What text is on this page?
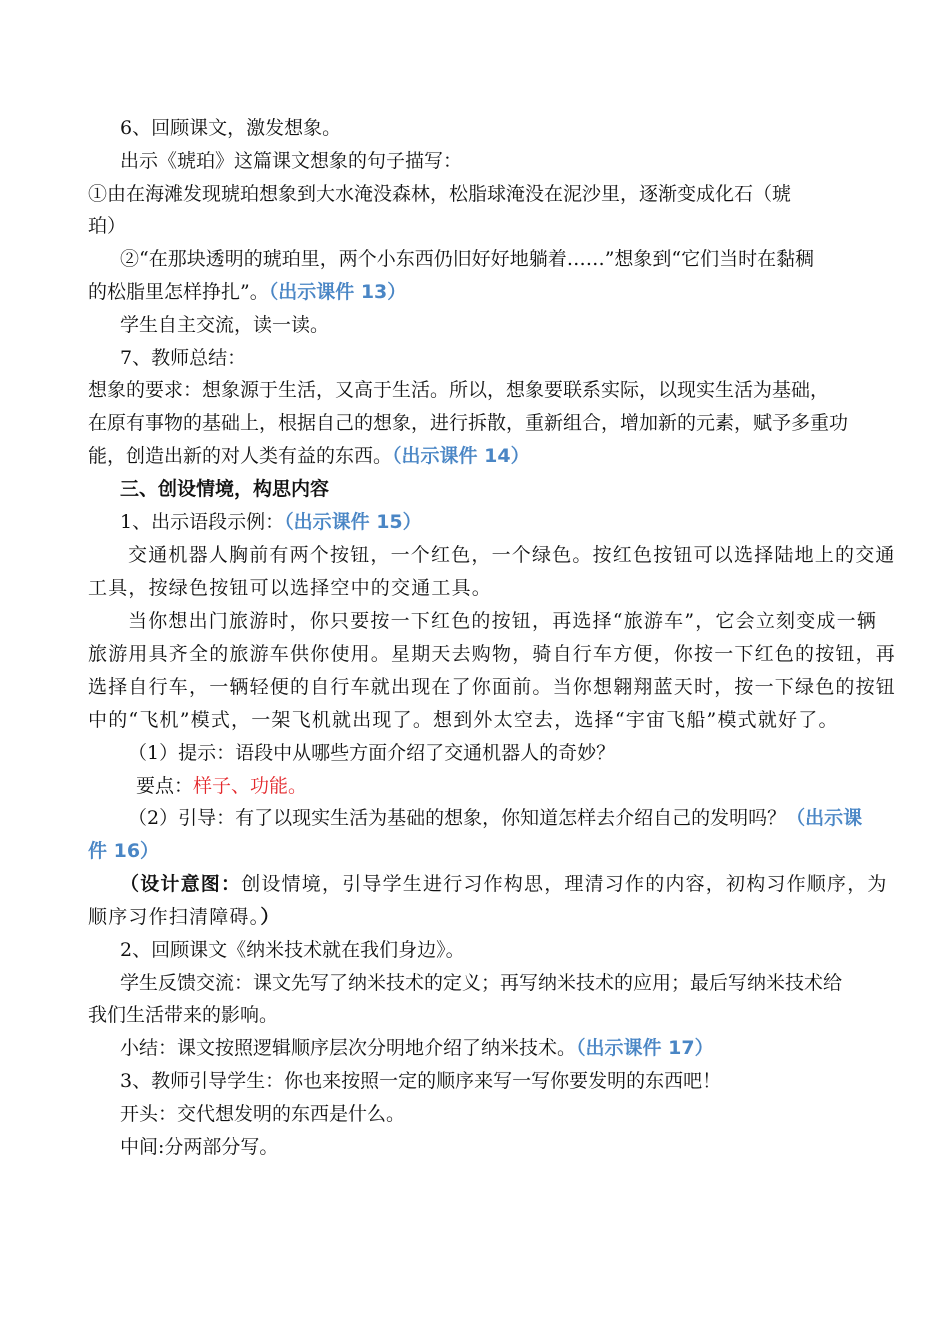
6、回顾课文，激发想象。
出示《琥珀》这篇课文想象的句子描写：
①由在海滩发现琥珀想象到大水淹没森林，松脂球淹没在泥沙里，逐渐变成化石（琥
珀）
②“在那块透明的琥珀里，两个小东西仍旧好好地躺着……”想象到“它们当时在黏稠
的松脂里怎样挣扎”。（出示课件 13）
学生自主交流，读一读。
7、教师总结：
想象的要求：想象源于生活，又高于生活。所以，想象要联系实际，以现实生活为基础，
在原有事物的基础上，根据自己的想象，进行拆散，重新组合，增加新的元素，赋予多重功
能，创造出新的对人类有益的东西。（出示课件 14）
三、创设情境，构思内容
1、出示语段示例：（出示课件 15）
交通机器人胸前有两个按钮，一个红色，一个绿色。按红色按钮可以选择陆地上的交通
工具，按绿色按钮可以选择空中的交通工具。
当你想出门旅游时，你只要按一下红色的按钮，再选择“旅游车”，它会立刻变成一辆
旅游用具齐全的旅游车供你使用。星期天去购物，骑自行车方便，你按一下红色的按钮，再
选择自行车，一辆轻便的自行车就出现在了你面前。当你想翱翔蓝天时，按一下绿色的按钮
中的“飞机”模式，一架飞机就出现了。想到外太空去，选择“宇宙飞船”模式就好了。
（1）提示：语段中从哪些方面介绍了交通机器人的奇妙？
要点：样子、功能。
（2）引导：有了以现实生活为基础的想象，你知道怎样去介绍自己的发明吗？（出示课
件 16）
（设计意图：创设情境，引导学生进行习作构思，理清习作的内容，初构习作顺序，为
顺序习作扫清障碍。）
2、回顾课文《纳米技术就在我们身边》。
学生反馈交流：课文先写了纳米技术的定义；再写纳米技术的应用；最后写纳米技术给
我们生活带来的影响。
小结：课文按照逻辑顺序层次分明地介绍了纳米技术。（出示课件 17）
3、教师引导学生：你也来按照一定的顺序来写一写你要发明的东西吧！
开头：交代想发明的东西是什么。
中间:分两部分写。
